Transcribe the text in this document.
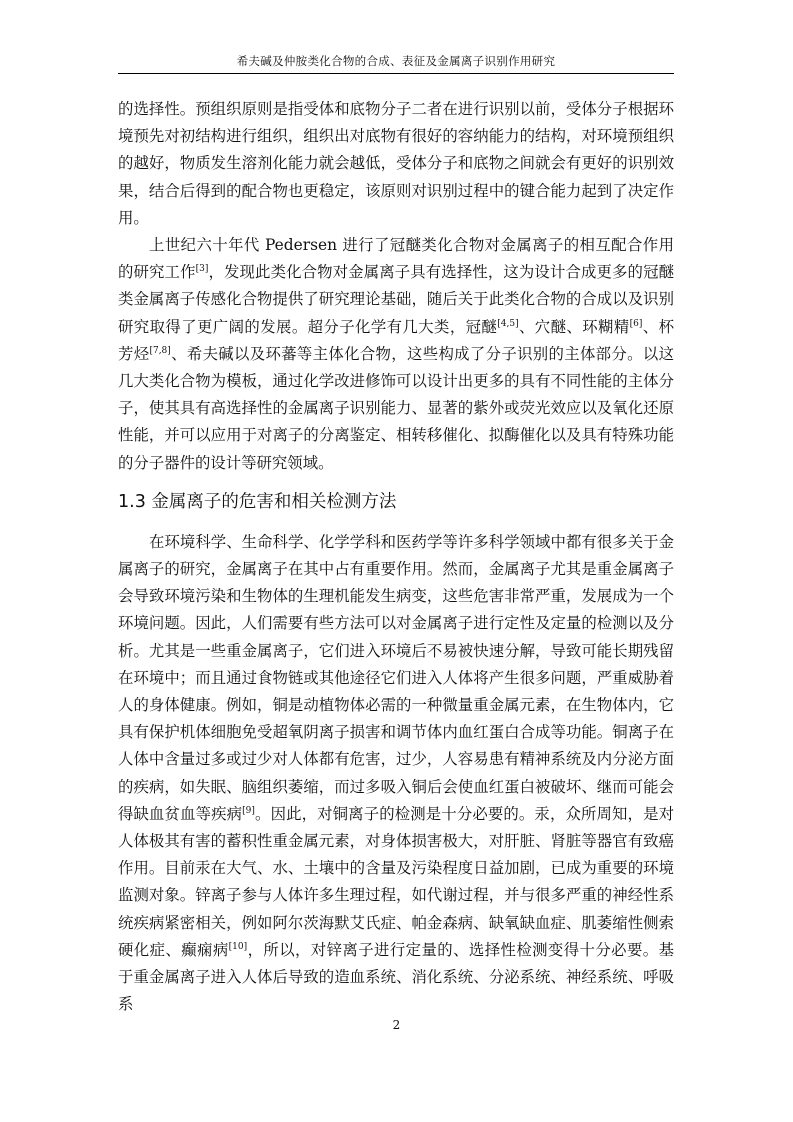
希夫碱及仲胺类化合物的合成、表征及金属离子识别作用研究

的选择性。预组织原则是指受体和底物分子二者在进行识别以前，受体分子根据环境预先对初结构进行组织，组织出对底物有很好的容纳能力的结构，对环境预组织的越好，物质发生溶剂化能力就会越低，受体分子和底物之间就会有更好的识别效果，结合后得到的配合物也更稳定，该原则对识别过程中的键合能力起到了决定作用。

上世纪六十年代 Pedersen 进行了冠醚类化合物对金属离子的相互配合作用的研究工作[3]，发现此类化合物对金属离子具有选择性，这为设计合成更多的冠醚类金属离子传感化合物提供了研究理论基础，随后关于此类化合物的合成以及识别研究取得了更广阔的发展。超分子化学有几大类，冠醚[4,5]、穴醚、环糊精[6]、杯芳烃[7,8]、希夫碱以及环蕃等主体化合物，这些构成了分子识别的主体部分。以这几大类化合物为模板，通过化学改进修饰可以设计出更多的具有不同性能的主体分子，使其具有高选择性的金属离子识别能力、显著的紫外或荧光效应以及氧化还原性能，并可以应用于对离子的分离鉴定、相转移催化、拟酶催化以及具有特殊功能的分子器件的设计等研究领域。

1.3 金属离子的危害和相关检测方法

在环境科学、生命科学、化学学科和医药学等许多科学领域中都有很多关于金属离子的研究，金属离子在其中占有重要作用。然而，金属离子尤其是重金属离子会导致环境污染和生物体的生理机能发生病变，这些危害非常严重，发展成为一个环境问题。因此，人们需要有些方法可以对金属离子进行定性及定量的检测以及分析。尤其是一些重金属离子，它们进入环境后不易被快速分解，导致可能长期残留在环境中；而且通过食物链或其他途径它们进入人体将产生很多问题，严重威胁着人的身体健康。例如，铜是动植物体必需的一种微量重金属元素，在生物体内，它具有保护机体细胞免受超氧阴离子损害和调节体内血红蛋白合成等功能。铜离子在人体中含量过多或过少对人体都有危害，过少，人容易患有精神系统及内分泌方面的疾病，如失眠、脑组织萎缩，而过多吸入铜后会使血红蛋白被破坏、继而可能会得缺血贫血等疾病[9]。因此，对铜离子的检测是十分必要的。汞，众所周知，是对人体极其有害的蓄积性重金属元素，对身体损害极大，对肝脏、肾脏等器官有致癌作用。目前汞在大气、水、土壤中的含量及污染程度日益加剧，已成为重要的环境监测对象。锌离子参与人体许多生理过程，如代谢过程，并与很多严重的神经性系统疾病紧密相关，例如阿尔茨海默艾氏症、帕金森病、缺氧缺血症、肌萎缩性侧索硬化症、癫痫病[10]，所以，对锌离子进行定量的、选择性检测变得十分必要。基于重金属离子进入人体后导致的造血系统、消化系统、分泌系统、神经系统、呼吸系

2
